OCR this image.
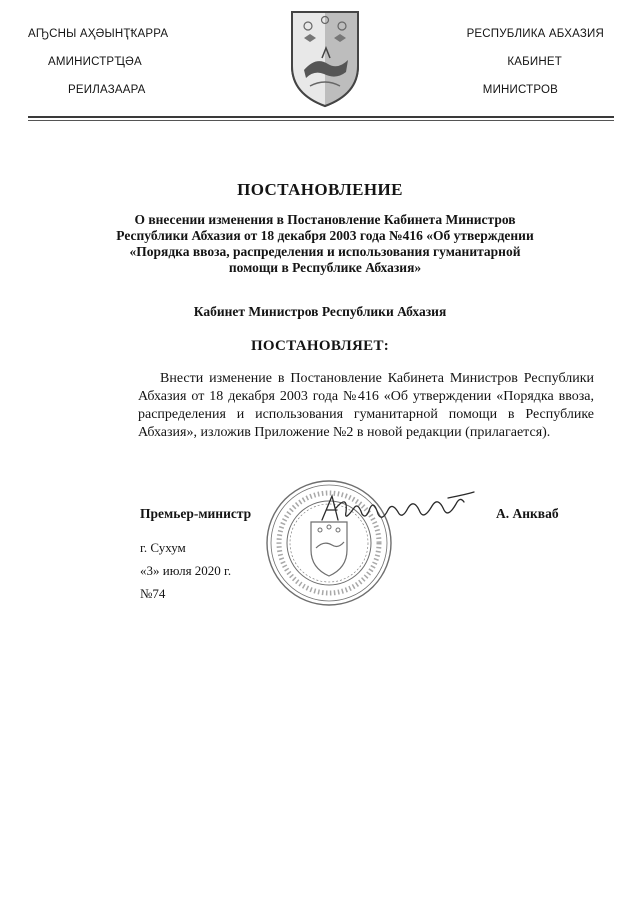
АҦСНЫ АҲӘЫНҬҞАРРА
АМИНИСТРҴӘА
РЕИЛАЗААРА
РЕСПУБЛИКА АБХАЗИЯ
КАБИНЕТ
МИНИСТРОВ
ПОСТАНОВЛЕНИЕ
О внесении изменения в Постановление Кабинета Министров Республики Абхазия от 18 декабря 2003 года №416 «Об утверждении «Порядка ввоза, распределения и использования гуманитарной помощи в Республике Абхазия»
Кабинет Министров Республики Абхазия
ПОСТАНОВЛЯЕТ:
Внести изменение в Постановление Кабинета Министров Республики Абхазия от 18 декабря 2003 года №416 «Об утверждении «Порядка ввоза, распределения и использования гуманитарной помощи в Республике Абхазия», изложив Приложение №2 в новой редакции (прилагается).
Премьер-министр	А. Анкваб
г. Сухум
«3» июля 2020 г.
№74
